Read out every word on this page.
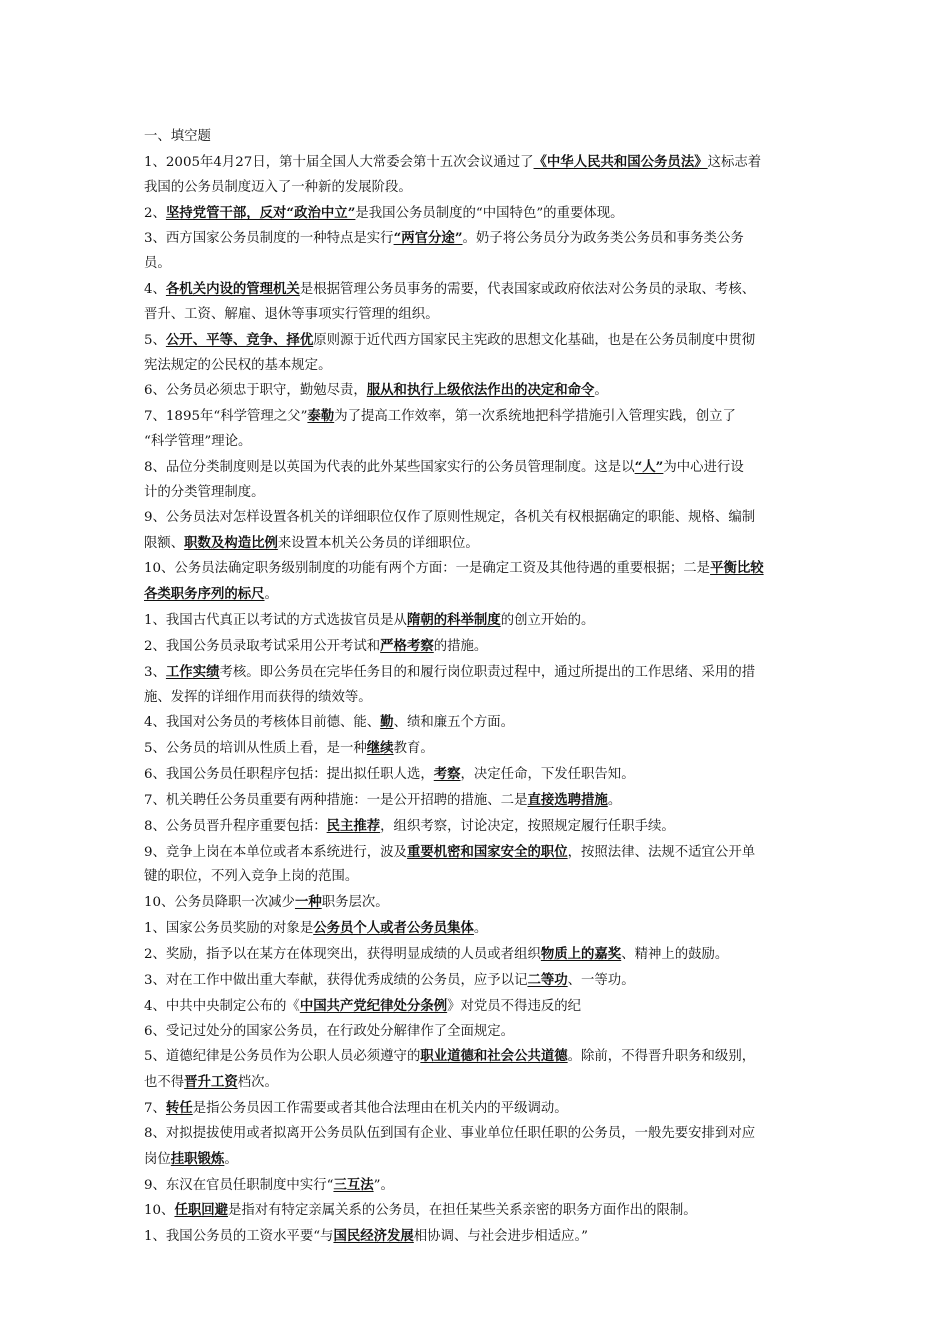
一、填空题
1、2005年4月27日，第十届全国人大常委会第十五次会议通过了《中华人民共和国公务员法》这标志着
我国的公务员制度迈入了一种新的发展阶段。
2、坚持党管干部，反对“政治中立”是我国公务员制度的“中国特色”的重要体现。
3、西方国家公务员制度的一种特点是实行“两官分途”。奶子将公务员分为政务类公务员和事务类公务
员。
4、各机关内设的管理机关是根据管理公务员事务的需要，代表国家或政府依法对公务员的录取、考核、
晋升、工资、解雇、退休等事项实行管理的组织。
5、公开、平等、竞争、择优原则源于近代西方国家民主宪政的思想文化基础，也是在公务员制度中贯彻
宪法规定的公民权的基本规定。
6、公务员必须忠于职守，勤勉尽责，服从和执行上级依法作出的决定和命令。
7、1895年“科学管理之父”泰勒为了提高工作效率，第一次系统地把科学措施引入管理实践，创立了
“科学管理”理论。
8、品位分类制度则是以英国为代表的此外某些国家实行的公务员管理制度。这是以“人”为中心进行设
计的分类管理制度。
9、公务员法对怎样设置各机关的详细职位仅作了原则性规定，各机关有权根据确定的职能、规格、编制
限额、职数及构造比例来设置本机关公务员的详细职位。
10、公务员法确定职务级别制度的功能有两个方面：一是确定工资及其他待遇的重要根据；二是平衡比较
各类职务序列的标尺。
1、我国古代真正以考试的方式选拔官员是从隋朝的科举制度的创立开始的。
2、我国公务员录取考试采用公开考试和严格考察的措施。
3、工作实绩考核。即公务员在完毕任务目的和履行岗位职责过程中，通过所提出的工作思绪、采用的措
施、发挥的详细作用而获得的绩效等。
4、我国对公务员的考核体目前德、能、勤、绩和廉五个方面。
5、公务员的培训从性质上看，是一种继续教育。
6、我国公务员任职程序包括：提出拟任职人选，考察，决定任命，下发任职告知。
7、机关聘任公务员重要有两种措施：一是公开招聘的措施、二是直接选聘措施。
8、公务员晋升程序重要包括：民主推荐，组织考察，讨论决定，按照规定履行任职手续。
9、竞争上岗在本单位或者本系统进行，波及重要机密和国家安全的职位，按照法律、法规不适宜公开单
键的职位，不列入竞争上岗的范围。
10、公务员降职一次减少一种职务层次。
1、国家公务员奖励的对象是公务员个人或者公务员集体。
2、奖励，指予以在某方在体现突出，获得明显成绩的人员或者组织物质上的嘉奖、精神上的鼓励。
3、对在工作中做出重大奉献，获得优秀成绩的公务员，应予以记二等功、一等功。
4、中共中央制定公布的《中国共产党纪律处分条例》对党员不得违反的纪
6、受记过处分的国家公务员，在行政处分解律作了全面规定。
5、道德纪律是公务员作为公职人员必须遵守的职业道德和社会公共道德。除前，不得晋升职务和级别，
也不得晋升工资档次。
7、转任是指公务员因工作需要或者其他合法理由在机关内的平级调动。
8、对拟提拔使用或者拟离开公务员队伍到国有企业、事业单位任职任职的公务员，一般先要安排到对应
岗位挂职锻炼。
9、东汉在官员任职制度中实行“三互法”。
10、任职回避是指对有特定亲属关系的公务员，在担任某些关系亲密的职务方面作出的限制。
1、我国公务员的工资水平要“与国民经济发展相协调、与社会进步相适应。”
